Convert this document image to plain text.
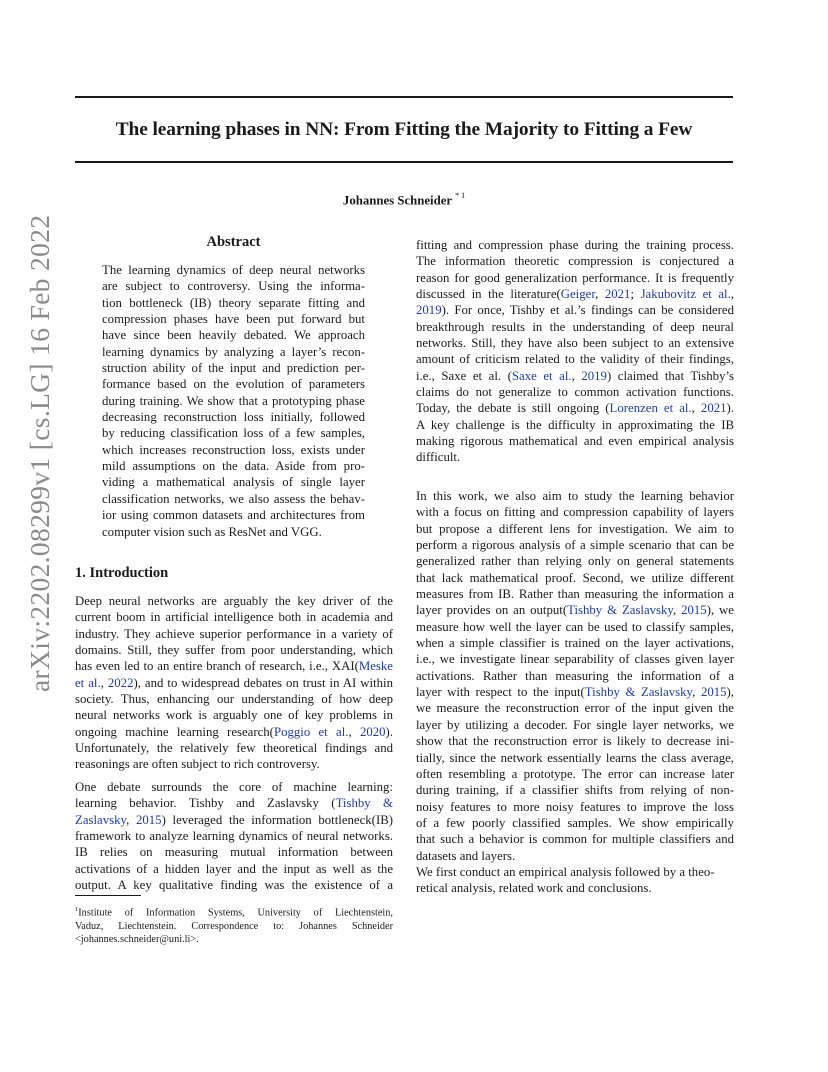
arXiv:2202.08299v1 [cs.LG] 16 Feb 2022
The learning phases in NN: From Fitting the Majority to Fitting a Few
Johannes Schneider $^{* 1}$
Abstract
The learning dynamics of deep neural networks
are subject to controversy. Using the informa-
tion bottleneck (IB) theory separate fitting and
compression phases have been put forward but
have since been heavily debated. We approach
learning dynamics by analyzing a layer’s recon-
struction ability of the input and prediction per-
formance based on the evolution of parameters
during training. We show that a prototyping phase
decreasing reconstruction loss initially, followed
by reducing classification loss of a few samples,
which increases reconstruction loss, exists under
mild assumptions on the data. Aside from pro-
viding a mathematical analysis of single layer
classification networks, we also assess the behav-
ior using common datasets and architectures from
computer vision such as ResNet and VGG.
1. Introduction
Deep neural networks are arguably the key driver of the
current boom in artificial intelligence both in academia and
industry. They achieve superior performance in a variety of
domains. Still, they suffer from poor understanding, which
has even led to an entire branch of research, i.e., XAI(Meske
et al., 2022), and to widespread debates on trust in AI within
society. Thus, enhancing our understanding of how deep
neural networks work is arguably one of key problems in
ongoing machine learning research(Poggio et al., 2020).
Unfortunately, the relatively few theoretical findings and
reasonings are often subject to rich controversy.
One debate surrounds the core of machine learning:
learning behavior. Tishby and Zaslavsky (Tishby &
Zaslavsky, 2015) leveraged the information bottleneck(IB)
framework to analyze learning dynamics of neural networks.
IB relies on measuring mutual information between
activations of a hidden layer and the input as well as the
output. A key qualitative finding was the existence of a
fitting and compression phase during the training process.
The information theoretic compression is conjectured a
reason for good generalization performance. It is frequently
discussed in the literature(Geiger, 2021; Jakubovitz et al.,
2019). For once, Tishby et al.’s findings can be considered
breakthrough results in the understanding of deep neural
networks. Still, they have also been subject to an extensive
amount of criticism related to the validity of their findings,
i.e., Saxe et al. (Saxe et al., 2019) claimed that Tishby’s
claims do not generalize to common activation functions.
Today, the debate is still ongoing (Lorenzen et al., 2021).
A key challenge is the difficulty in approximating the IB
making rigorous mathematical and even empirical analysis
difficult.
In this work, we also aim to study the learning behavior
with a focus on fitting and compression capability of layers
but propose a different lens for investigation. We aim to
perform a rigorous analysis of a simple scenario that can be
generalized rather than relying only on general statements
that lack mathematical proof. Second, we utilize different
measures from IB. Rather than measuring the information a
layer provides on an output(Tishby & Zaslavsky, 2015), we
measure how well the layer can be used to classify samples,
when a simple classifier is trained on the layer activations,
i.e., we investigate linear separability of classes given layer
activations. Rather than measuring the information of a
layer with respect to the input(Tishby & Zaslavsky, 2015),
we measure the reconstruction error of the input given the
layer by utilizing a decoder. For single layer networks, we
show that the reconstruction error is likely to decrease ini-
tially, since the network essentially learns the class average,
often resembling a prototype. The error can increase later
during training, if a classifier shifts from relying of non-
noisy features to more noisy features to improve the loss
of a few poorly classified samples. We show empirically
that such a behavior is common for multiple classifiers and
datasets and layers.
We first conduct an empirical analysis followed by a theo-
retical analysis, related work and conclusions.
$^1$Institute of Information Systems, University of Liechtenstein,
Vaduz, Liechtenstein. Correspondence to: Johannes Schneider
<johannes.schneider@uni.li>.
